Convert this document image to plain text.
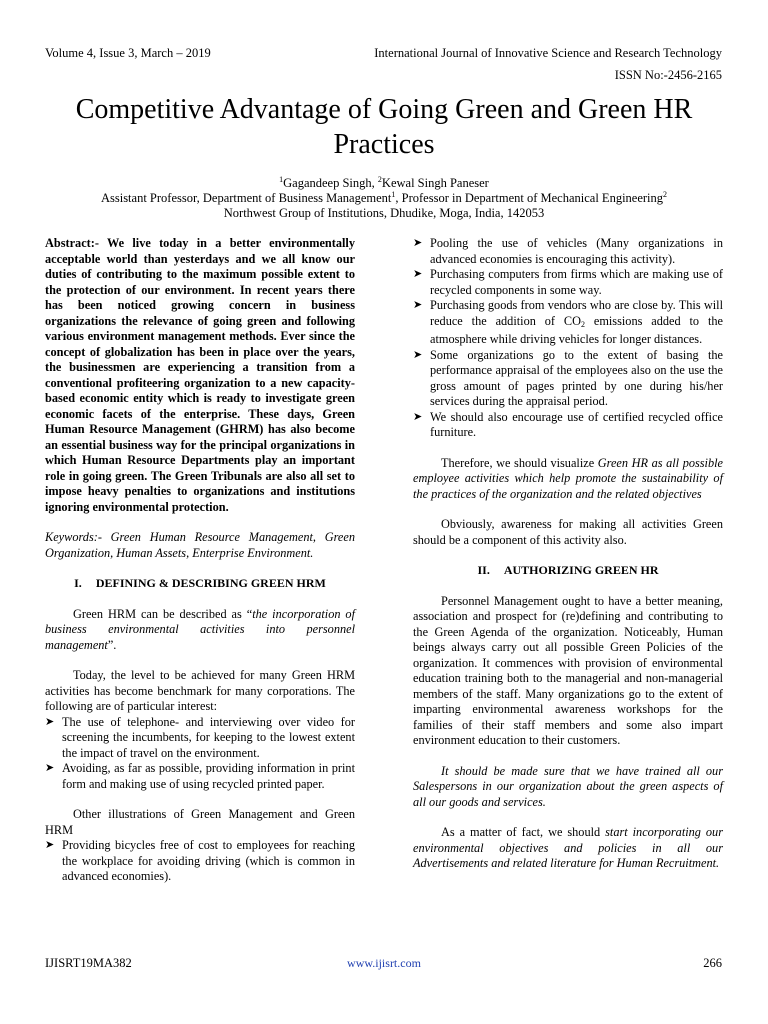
Volume 4, Issue 3, March – 2019	International Journal of Innovative Science and Research Technology
ISSN No:-2456-2165
Competitive Advantage of Going Green and Green HR Practices
$^1$Gagandeep Singh, $^2$Kewal Singh Paneser
Assistant Professor, Department of Business Management$^1$, Professor in Department of Mechanical Engineering$^2$
Northwest Group of Institutions, Dhudike, Moga, India, 142053

Abstract:- We live today in a better environmentally acceptable world than yesterdays and we all know our duties of contributing to the maximum possible extent to the protection of our environment. In recent years there has been noticed growing concern in business organizations the relevance of going green and following various environment management methods. Ever since the concept of globalization has been in place over the years, the businessmen are experiencing a transition from a conventional profiteering organization to a new capacity-based economic entity which is ready to investigate green economic facets of the enterprise. These days, Green Human Resource Management (GHRM) has also become an essential business way for the principal organizations in which Human Resource Departments play an important role in going green. The Green Tribunals are also all set to impose heavy penalties to organizations and institutions ignoring environmental protection.

Keywords:- Green Human Resource Management, Green Organization, Human Assets, Enterprise Environment.

I. DEFINING & DESCRIBING GREEN HRM

Green HRM can be described as “the incorporation of business environmental activities into personnel management”.

Today, the level to be achieved for many Green HRM activities has become benchmark for many corporations. The following are of particular interest:

➤ The use of telephone- and interviewing over video for screening the incumbents, for keeping to the lowest extent the impact of travel on the environment.
➤ Avoiding, as far as possible, providing information in print form and making use of using recycled printed paper.

Other illustrations of Green Management and Green HRM

➤ Providing bicycles free of cost to employees for reaching the workplace for avoiding driving (which is common in advanced economies).
➤ Pooling the use of vehicles (Many organizations in advanced economies is encouraging this activity).
➤ Purchasing computers from firms which are making use of recycled components in some way.
➤ Purchasing goods from vendors who are close by. This will reduce the addition of CO2 emissions added to the atmosphere while driving vehicles for longer distances.
➤ Some organizations go to the extent of basing the performance appraisal of the employees also on the use the gross amount of pages printed by one during his/her services during the appraisal period.
➤ We should also encourage use of certified recycled office furniture.

Therefore, we should visualize Green HR as all possible employee activities which help promote the sustainability of the practices of the organization and the related objectives

Obviously, awareness for making all activities Green should be a component of this activity also.

II. AUTHORIZING GREEN HR

Personnel Management ought to have a better meaning, association and prospect for (re)defining and contributing to the Green Agenda of the organization. Noticeably, Human beings always carry out all possible Green Policies of the organization. It commences with provision of environmental education training both to the managerial and non-managerial members of the staff. Many organizations go to the extent of imparting environmental awareness workshops for the families of their staff members and some also impart environment education to their customers.

It should be made sure that we have trained all our Salespersons in our organization about the green aspects of all our goods and services.

As a matter of fact, we should start incorporating our environmental objectives and policies in all our Advertisements and related literature for Human Recruitment.

IJISRT19MA382	www.ijisrt.com	266
